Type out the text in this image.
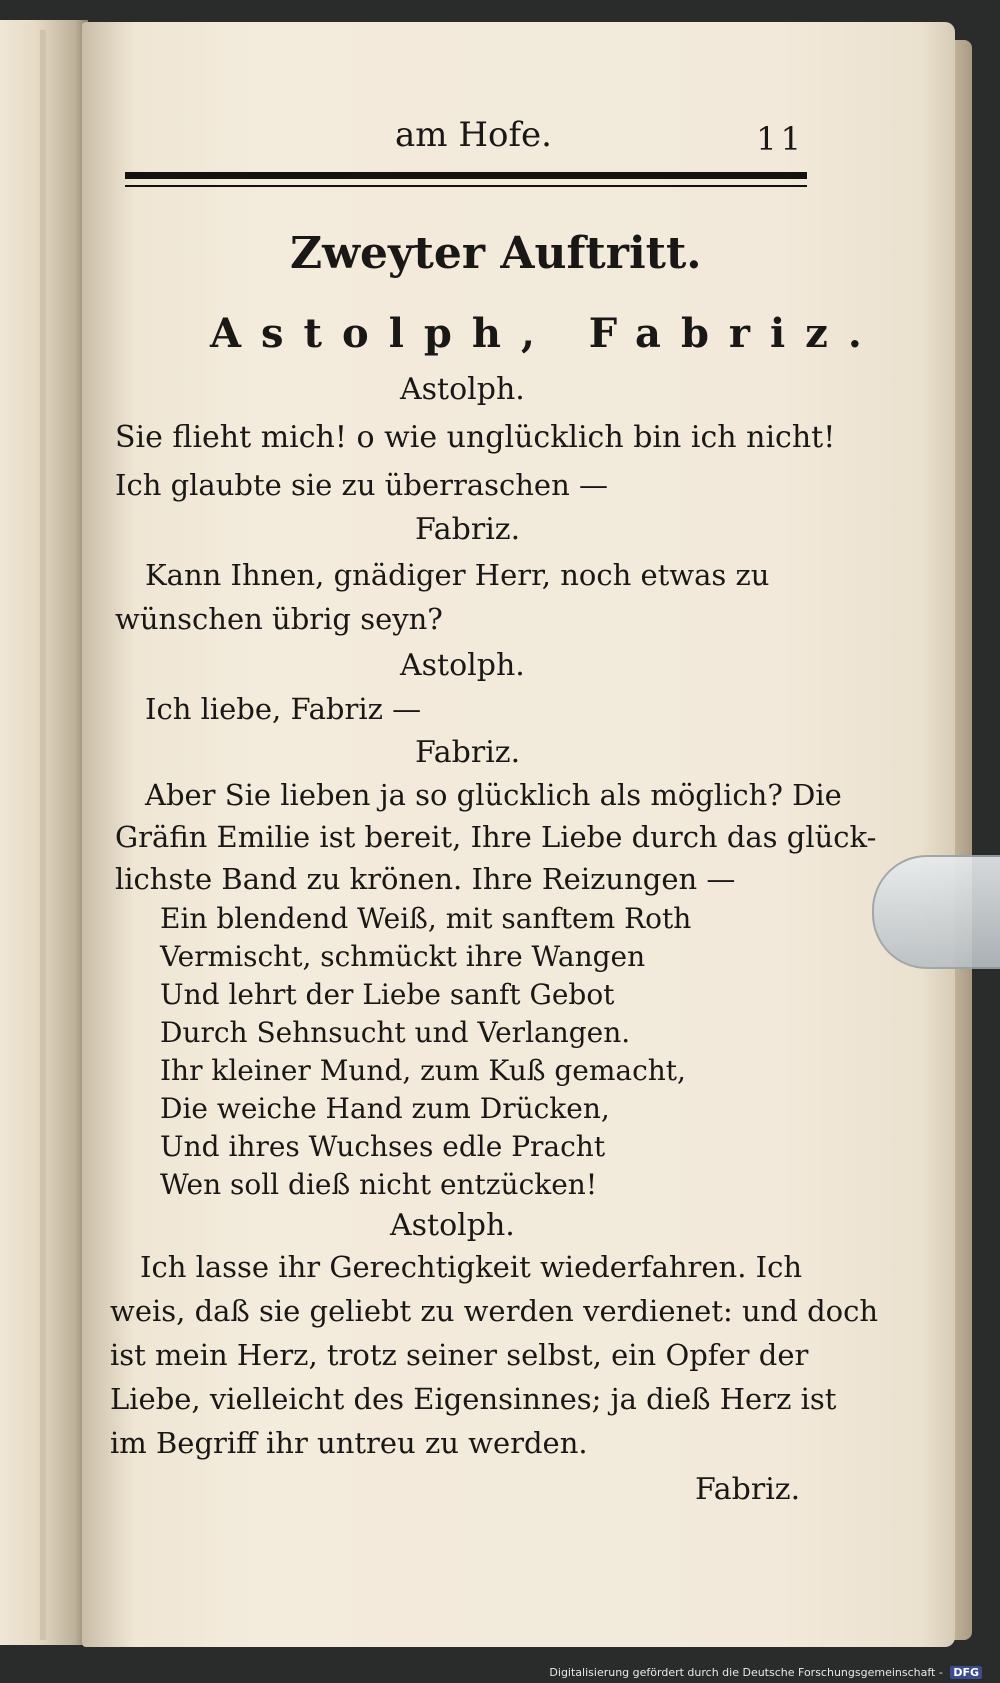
am Hofe.	11
Zweyter Auftritt.
Astolph, Fabriz.
Astolph.
Sie flieht mich! o wie unglücklich bin ich nicht!
Ich glaubte sie zu überraschen —
Fabriz.
Kann Ihnen, gnädiger Herr, noch etwas zu
wünschen übrig seyn?
Astolph.
Ich liebe, Fabriz —
Fabriz.
Aber Sie lieben ja so glücklich als möglich? Die
Gräfin Emilie ist bereit, Ihre Liebe durch das glück-
lichste Band zu krönen. Ihre Reizungen —
Ein blendend Weiß, mit sanftem Roth
Vermischt, schmückt ihre Wangen
Und lehrt der Liebe sanft Gebot
Durch Sehnsucht und Verlangen.
Ihr kleiner Mund, zum Kuß gemacht,
Die weiche Hand zum Drücken,
Und ihres Wuchses edle Pracht
Wen soll dieß nicht entzücken!
Astolph.
Ich lasse ihr Gerechtigkeit wiederfahren. Ich
weis, daß sie geliebt zu werden verdienet: und doch
ist mein Herz, trotz seiner selbst, ein Opfer der
Liebe, vielleicht des Eigensinnes; ja dieß Herz ist
im Begriff ihr untreu zu werden.
Fabriz.
Digitalisierung gefördert durch die Deutsche Forschungsgemeinschaft - DFG
